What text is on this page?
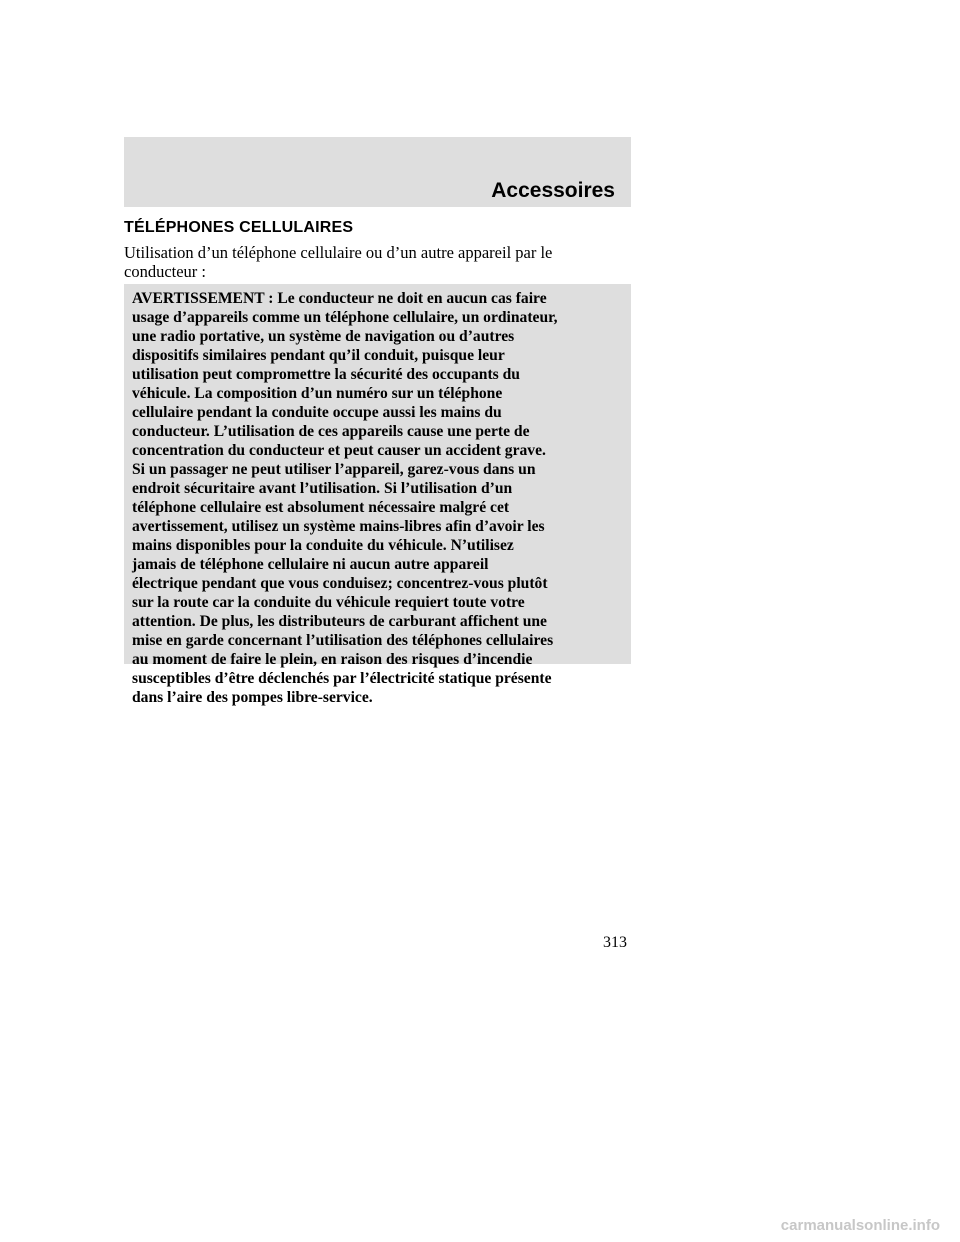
Accessoires

TÉLÉPHONES CELLULAIRES

Utilisation d’un téléphone cellulaire ou d’un autre appareil par le
conducteur :

AVERTISSEMENT : Le conducteur ne doit en aucun cas faire
usage d’appareils comme un téléphone cellulaire, un ordinateur,
une radio portative, un système de navigation ou d’autres
dispositifs similaires pendant qu’il conduit, puisque leur
utilisation peut compromettre la sécurité des occupants du
véhicule. La composition d’un numéro sur un téléphone
cellulaire pendant la conduite occupe aussi les mains du
conducteur. L’utilisation de ces appareils cause une perte de
concentration du conducteur et peut causer un accident grave.
Si un passager ne peut utiliser l’appareil, garez-vous dans un
endroit sécuritaire avant l’utilisation. Si l’utilisation d’un
téléphone cellulaire est absolument nécessaire malgré cet
avertissement, utilisez un système mains-libres afin d’avoir les
mains disponibles pour la conduite du véhicule. N’utilisez
jamais de téléphone cellulaire ni aucun autre appareil
électrique pendant que vous conduisez; concentrez-vous plutôt
sur la route car la conduite du véhicule requiert toute votre
attention. De plus, les distributeurs de carburant affichent une
mise en garde concernant l’utilisation des téléphones cellulaires
au moment de faire le plein, en raison des risques d’incendie
susceptibles d’être déclenchés par l’électricité statique présente
dans l’aire des pompes libre-service.

313

carmanualsonline.info
